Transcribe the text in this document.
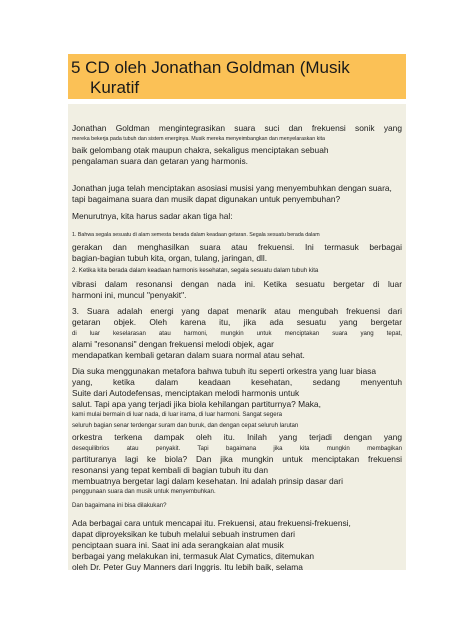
5 CD oleh Jonathan Goldman (Musik
Kuratif
Jonathan Goldman mengintegrasikan suara suci dan frekuensi sonik yang
mereka bekerja pada tubuh dan sistem energinya. Musik mereka menyeimbangkan dan menyelaraskan kita
baik gelombang otak maupun chakra, sekaligus menciptakan sebuah
pengalaman suara dan getaran yang harmonis.
Jonathan juga telah menciptakan asosiasi musisi yang menyembuhkan dengan suara,
tapi bagaimana suara dan musik dapat digunakan untuk penyembuhan?
Menurutnya, kita harus sadar akan tiga hal:
1. Bahwa segala sesuatu di alam semesta berada dalam keadaan getaran. Segala sesuatu berada dalam
gerakan dan menghasilkan suara atau frekuensi. Ini termasuk berbagai
bagian-bagian tubuh kita, organ, tulang, jaringan, dll.
2. Ketika kita berada dalam keadaan harmonis kesehatan, segala sesuatu dalam tubuh kita
vibrasi dalam resonansi dengan nada ini. Ketika sesuatu bergetar di luar
harmoni ini, muncul "penyakit".
3. Suara adalah energi yang dapat menarik atau mengubah frekuensi dari
getaran objek. Oleh karena itu, jika ada sesuatu yang bergetar
di luar keselarasan atau harmoni, mungkin untuk menciptakan suara yang tepat,
alami "resonansi" dengan frekuensi melodi objek, agar
mendapatkan kembali getaran dalam suara normal atau sehat.
Dia suka menggunakan metafora bahwa tubuh itu seperti orkestra yang luar biasa
yang, ketika dalam keadaan kesehatan, sedang menyentuh
Suite dari Autodefensas, menciptakan melodi harmonis untuk
salut. Tapi apa yang terjadi jika biola kehilangan partiturnya? Maka,
kami mulai bermain di luar nada, di luar irama, di luar harmoni. Sangat segera
seluruh bagian senar terdengar suram dan buruk, dan dengan cepat seluruh larutan
orkestra terkena dampak oleh itu. Inilah yang terjadi dengan yang
desequilibrios atau penyakit. Tapi bagaimana jika kita mungkin membagikan
partituranya lagi ke biola? Dan jika mungkin untuk menciptakan frekuensi
resonansi yang tepat kembali di bagian tubuh itu dan
membuatnya bergetar lagi dalam kesehatan. Ini adalah prinsip dasar dari
penggunaan suara dan musik untuk menyembuhkan.
Dan bagaimana ini bisa dilakukan?
Ada berbagai cara untuk mencapai itu. Frekuensi, atau frekuensi-frekuensi,
dapat diproyeksikan ke tubuh melalui sebuah instrumen dari
penciptaan suara ini. Saat ini ada serangkaian alat musik
berbagai yang melakukan ini, termasuk Alat Cymatics, ditemukan
oleh Dr. Peter Guy Manners dari Inggris. Itu lebih baik, selama
